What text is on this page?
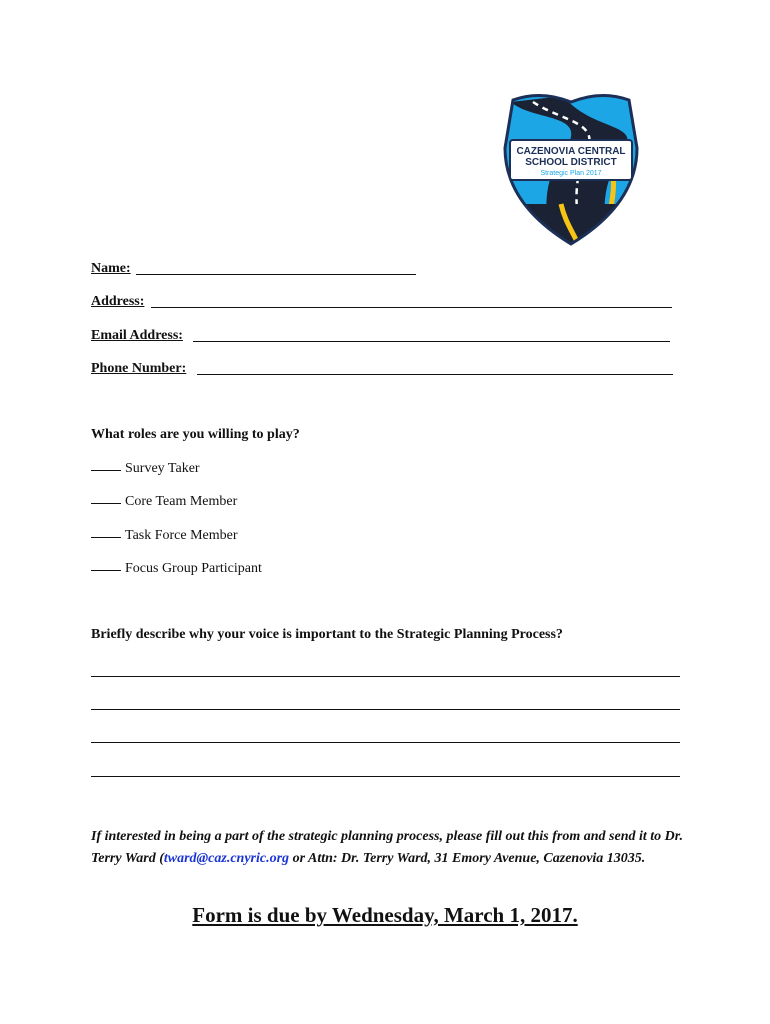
CAZENOVIA CENTRAL
SCHOOL DISTRICT
Strategic Plan 2017
Name:
Address:
Email Address:
Phone Number:
What roles are you willing to play?
Survey Taker
Core Team Member
Task Force Member
Focus Group Participant
Briefly describe why your voice is important to the Strategic Planning Process?
If interested in being a part of the strategic planning process, please fill out this from and send it to Dr. Terry Ward (tward@caz.cnyric.org or Attn: Dr. Terry Ward, 31 Emory Avenue, Cazenovia 13035.
Form is due by Wednesday, March 1, 2017.
